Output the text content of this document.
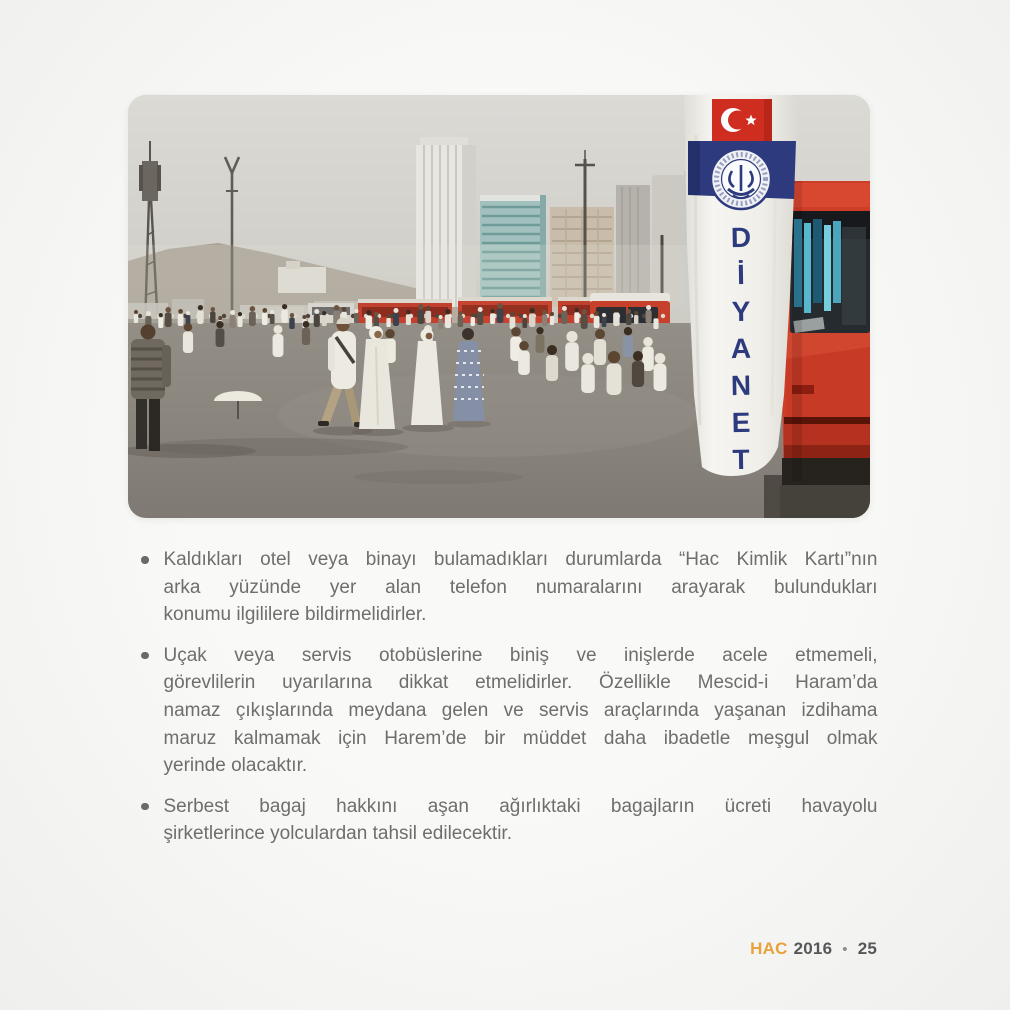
D
İ
Y
A
N
E
T
Kaldıkları otel veya binayı bulamadıkları durumlarda “Hac Kimlik Kartı”nın
arka yüzünde yer alan telefon numaralarını arayarak bulundukları
konumu ilgililere bildirmelidirler.
Uçak veya servis otobüslerine biniş ve inişlerde acele etmemeli,
görevlilerin uyarılarına dikkat etmelidirler. Özellikle Mescid-i Haram’da
namaz çıkışlarında meydana gelen ve servis araçlarında yaşanan izdihama
maruz kalmamak için Harem’de bir müddet daha ibadetle meşgul olmak
yerinde olacaktır.
Serbest bagaj hakkını aşan ağırlıktaki bagajların ücreti havayolu
şirketlerince yolculardan tahsil edilecektir.
HAC 2016 • 25
